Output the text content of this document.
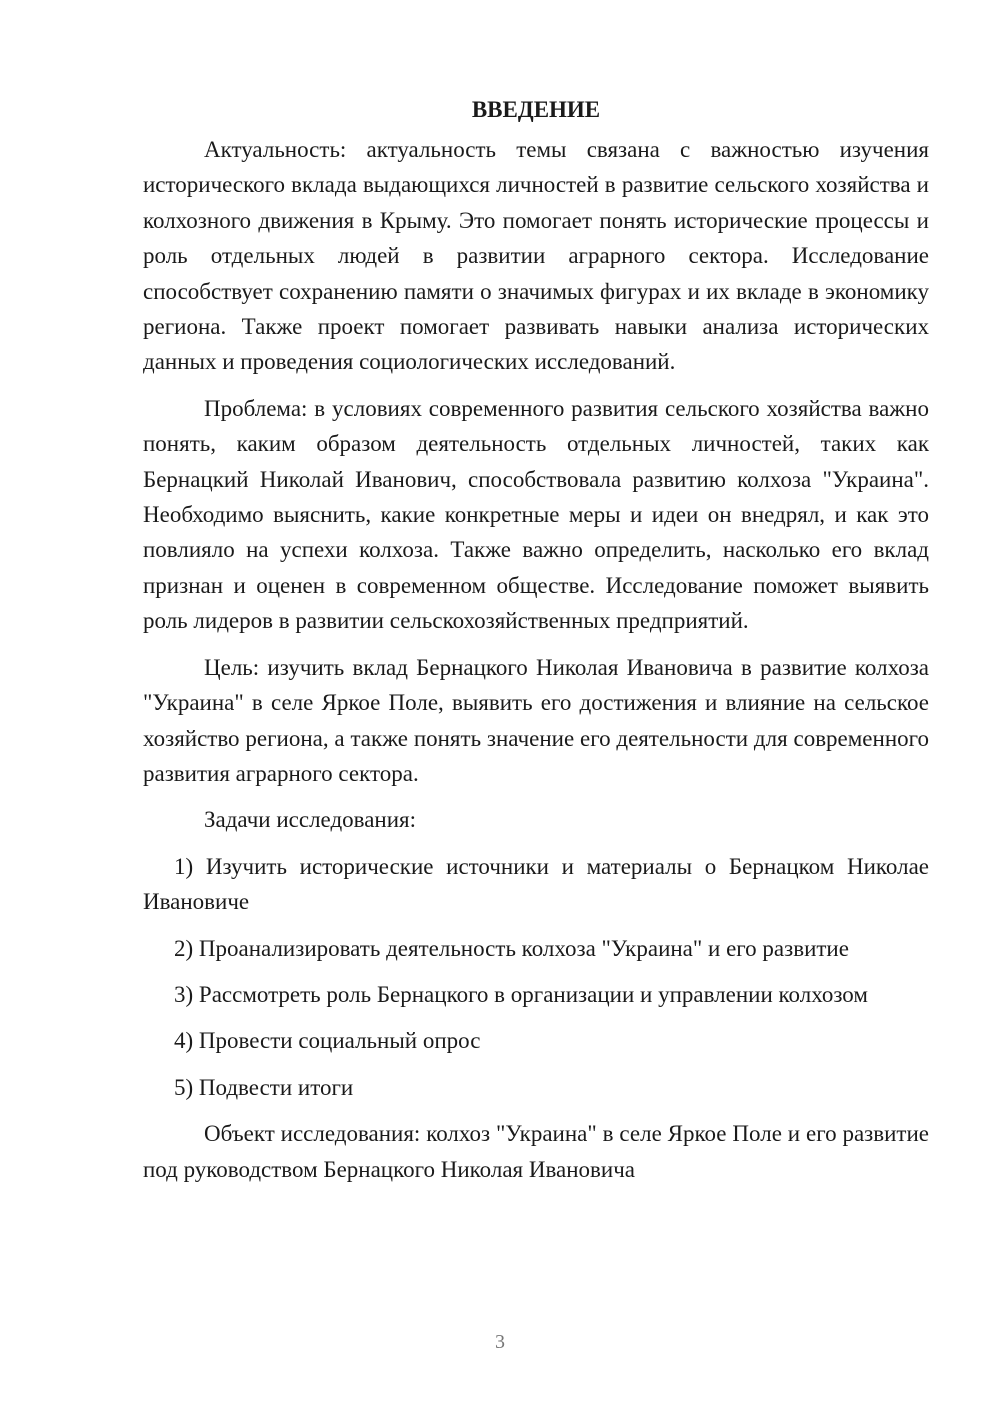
ВВЕДЕНИЕ

Актуальность: актуальность темы связана с важностью изучения исторического вклада выдающихся личностей в развитие сельского хозяйства и колхозного движения в Крыму. Это помогает понять исторические процессы и роль отдельных людей в развитии аграрного сектора. Исследование способствует сохранению памяти о значимых фигурах и их вкладе в экономику региона. Также проект помогает развивать навыки анализа исторических данных и проведения социологических исследований.

Проблема: в условиях современного развития сельского хозяйства важно понять, каким образом деятельность отдельных личностей, таких как Бернацкий Николай Иванович, способствовала развитию колхоза "Украина". Необходимо выяснить, какие конкретные меры и идеи он внедрял, и как это повлияло на успехи колхоза. Также важно определить, насколько его вклад признан и оценен в современном обществе. Исследование поможет выявить роль лидеров в развитии сельскохозяйственных предприятий.

Цель: изучить вклад Бернацкого Николая Ивановича в развитие колхоза "Украина" в селе Яркое Поле, выявить его достижения и влияние на сельское хозяйство региона, а также понять значение его деятельности для современного развития аграрного сектора.

Задачи исследования:

1) Изучить исторические источники и материалы о Бернацком Николае Ивановиче

2) Проанализировать деятельность колхоза "Украина" и его развитие

3) Рассмотреть роль Бернацкого в организации и управлении колхозом

4) Провести социальный опрос

5) Подвести итоги

Объект исследования: колхоз "Украина" в селе Яркое Поле и его развитие под руководством Бернацкого Николая Ивановича

3
